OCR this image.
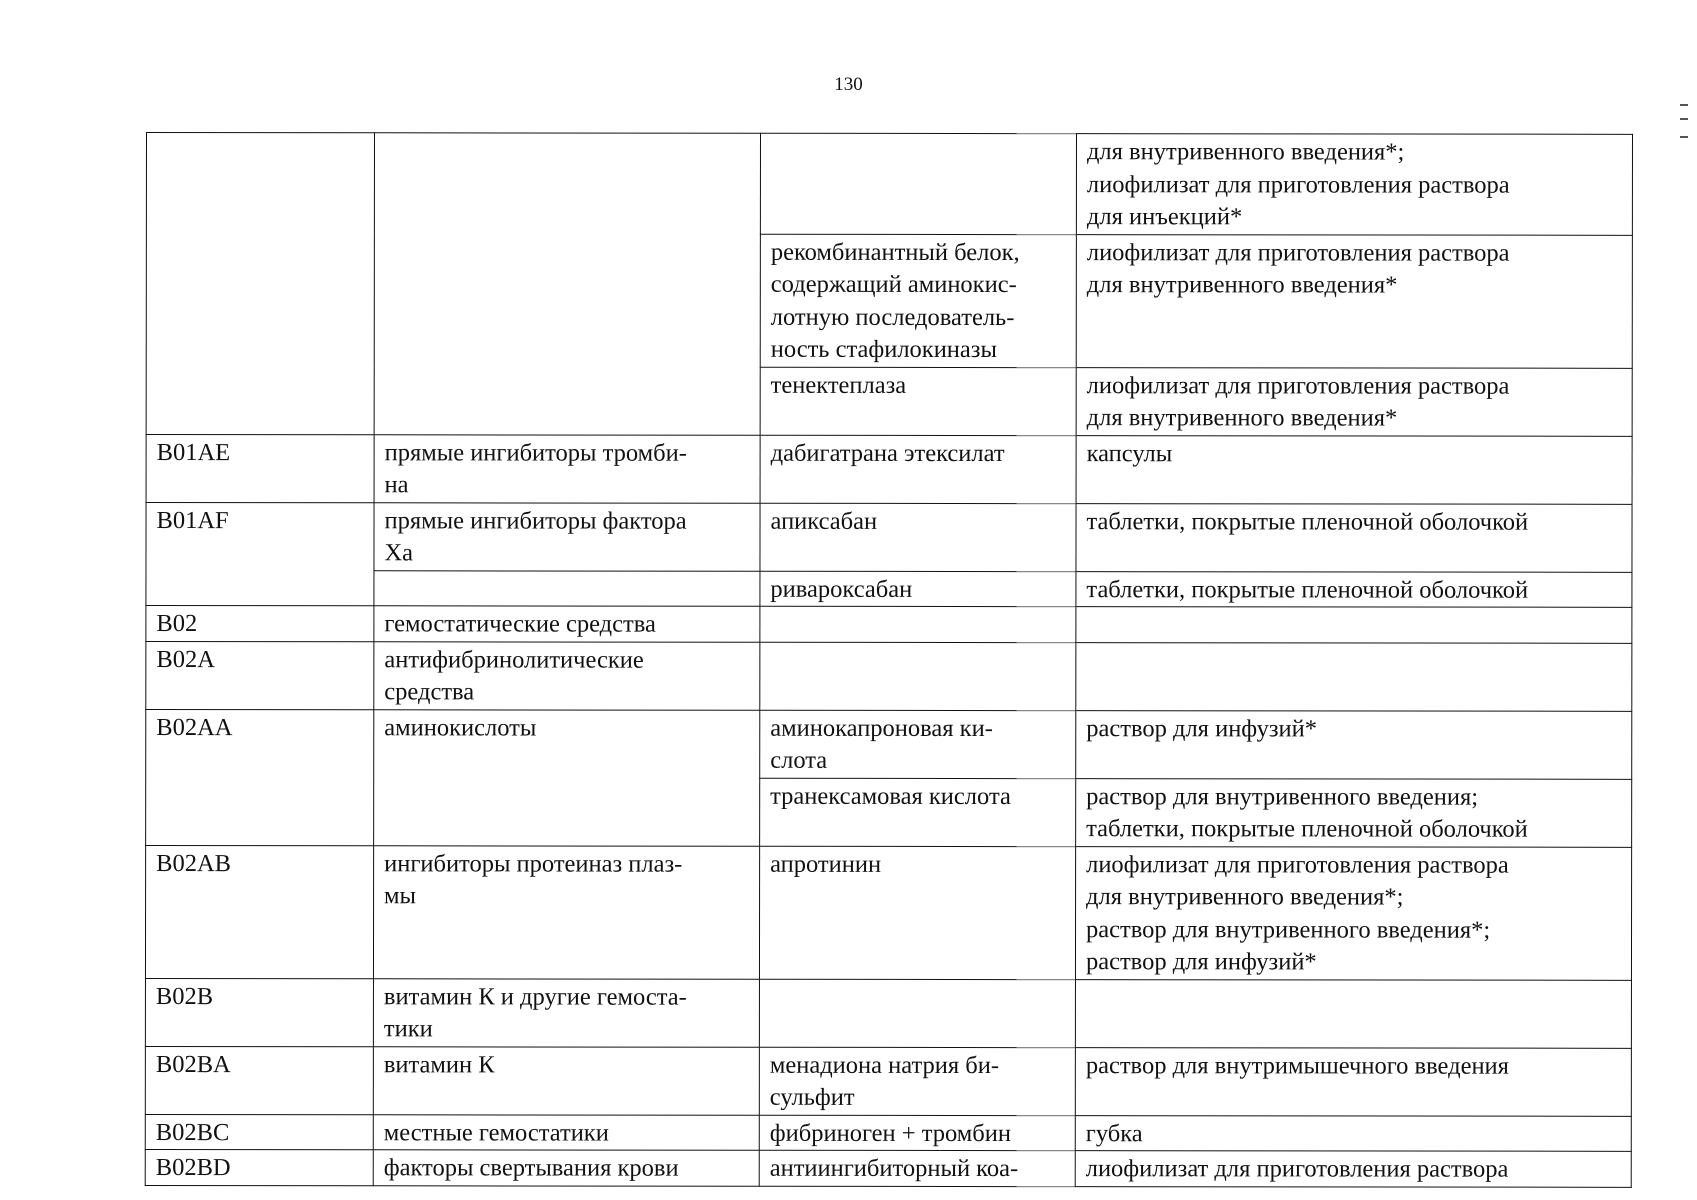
130

			для внутривенного введения*;
лиофилизат для приготовления раствора
для инъекций*

		рекомбинантный белок,
содержащий аминокис-
лотную последователь-
ность стафилокиназы	лиофилизат для приготовления раствора
для внутривенного введения*

		тенектеплаза	лиофилизат для приготовления раствора
для внутривенного введения*

B01AE	прямые ингибиторы тромби-
на	дабигатрана этексилат	капсулы

B01AF	прямые ингибиторы фактора
Xa	апиксабан	таблетки, покрытые пленочной оболочкой

		ривароксабан	таблетки, покрытые пленочной оболочкой

B02	гемостатические средства		

B02A	антифибринолитические
средства		

B02AA	аминокислоты	аминокапроновая ки-
слота	раствор для инфузий*

		транексамовая кислота	раствор для внутривенного введения;
таблетки, покрытые пленочной оболочкой

B02AB	ингибиторы протеиназ плаз-
мы	апротинин	лиофилизат для приготовления раствора
для внутривенного введения*;
раствор для внутривенного введения*;
раствор для инфузий*

B02B	витамин К и другие гемоста-
тики		

B02BA	витамин К	менадиона натрия би-
сульфит	раствор для внутримышечного введения

B02BC	местные гемостатики	фибриноген + тромбин	губка

B02BD	факторы свертывания крови	антиингибиторный коа-	лиофилизат для приготовления раствора
